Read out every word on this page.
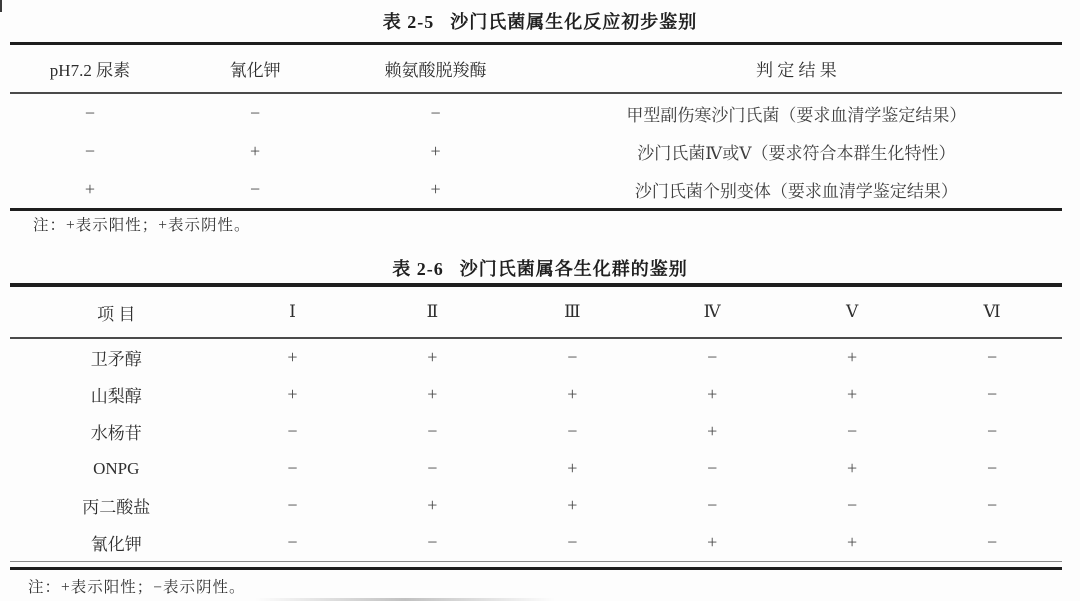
表 2-5 沙门氏菌属生化反应初步鉴别
pH7.2 尿素	氰化钾	赖氨酸脱羧酶	判 定 结 果
−	−	−	甲型副伤寒沙门氏菌（要求血清学鉴定结果）
−	+	+	沙门氏菌Ⅳ或Ⅴ（要求符合本群生化特性）
+	−	+	沙门氏菌个别变体（要求血清学鉴定结果）
注：+表示阳性；+表示阴性。
表 2-6 沙门氏菌属各生化群的鉴别
项 目	Ⅰ	Ⅱ	Ⅲ	Ⅳ	Ⅴ	Ⅵ
卫矛醇	+	+	−	−	+	−
山梨醇	+	+	+	+	+	−
水杨苷	−	−	−	+	−	−
ONPG	−	−	+	−	+	−
丙二酸盐	−	+	+	−	−	−
氰化钾	−	−	−	+	+	−
注：+表示阳性；−表示阴性。
